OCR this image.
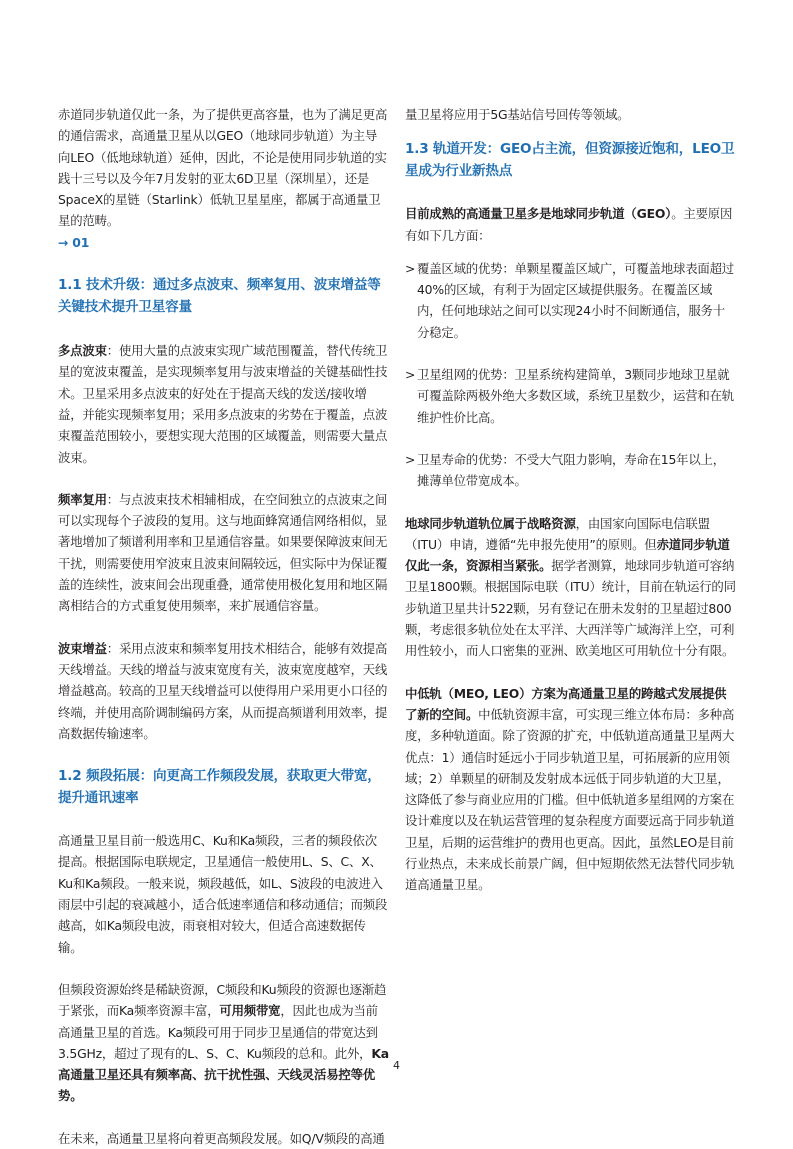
赤道同步轨道仅此一条，为了提供更高容量，也为了满足更高的通信需求，高通量卫星从以GEO（地球同步轨道）为主导向LEO（低地球轨道）延伸，因此，不论是使用同步轨道的实践十三号以及今年7月发射的亚太6D卫星（深圳星），还是SpaceX的星链（Starlink）低轨卫星星座，都属于高通量卫星的范畴。
→ 01

1.1 技术升级：通过多点波束、频率复用、波束增益等关键技术提升卫星容量

多点波束：使用大量的点波束实现广域范围覆盖，替代传统卫星的宽波束覆盖，是实现频率复用与波束增益的关键基础性技术。卫星采用多点波束的好处在于提高天线的发送/接收增益，并能实现频率复用；采用多点波束的劣势在于覆盖，点波束覆盖范围较小，要想实现大范围的区域覆盖，则需要大量点波束。

频率复用：与点波束技术相辅相成，在空间独立的点波束之间可以实现每个子波段的复用。这与地面蜂窝通信网络相似，显著地增加了频谱利用率和卫星通信容量。如果要保障波束间无干扰，则需要使用窄波束且波束间隔较远，但实际中为保证覆盖的连续性，波束间会出现重叠，通常使用极化复用和地区隔离相结合的方式重复使用频率，来扩展通信容量。

波束增益：采用点波束和频率复用技术相结合，能够有效提高天线增益。天线的增益与波束宽度有关，波束宽度越窄，天线增益越高。较高的卫星天线增益可以使得用户采用更小口径的终端，并使用高阶调制编码方案，从而提高频谱利用效率，提高数据传输速率。

1.2 频段拓展：向更高工作频段发展，获取更大带宽，提升通讯速率

高通量卫星目前一般选用C、Ku和Ka频段，三者的频段依次提高。根据国际电联规定，卫星通信一般使用L、S、C、X、Ku和Ka频段。一般来说，频段越低，如L、S波段的电波进入雨层中引起的衰减越小，适合低速率通信和移动通信；而频段越高，如Ka频段电波，雨衰相对较大，但适合高速数据传输。

但频段资源始终是稀缺资源，C频段和Ku频段的资源也逐渐趋于紧张，而Ka频率资源丰富，可用频带宽，因此也成为当前高通量卫星的首选。Ka频段可用于同步卫星通信的带宽达到3.5GHz，超过了现有的L、S、C、Ku频段的总和。此外，Ka高通量卫星还具有频率高、抗干扰性强、天线灵活易控等优势。

在未来，高通量卫星将向着更高频段发展。如Q/V频段的高通

量卫星将应用于5G基站信号回传等领域。

1.3 轨道开发：GEO占主流，但资源接近饱和，LEO卫星成为行业新热点

目前成熟的高通量卫星多是地球同步轨道（GEO）。主要原因有如下几方面：

> 覆盖区域的优势：单颗星覆盖区域广，可覆盖地球表面超过40%的区域，有利于为固定区域提供服务。在覆盖区域内，任何地球站之间可以实现24小时不间断通信，服务十分稳定。
> 卫星组网的优势：卫星系统构建简单，3颗同步地球卫星就可覆盖除两极外绝大多数区域，系统卫星数少，运营和在轨维护性价比高。
> 卫星寿命的优势：不受大气阻力影响，寿命在15年以上，摊薄单位带宽成本。

地球同步轨道轨位属于战略资源，由国家向国际电信联盟（ITU）申请，遵循“先申报先使用”的原则。但赤道同步轨道仅此一条，资源相当紧张。据学者测算，地球同步轨道可容纳卫星1800颗。根据国际电联（ITU）统计，目前在轨运行的同步轨道卫星共计522颗，另有登记在册未发射的卫星超过800颗，考虑很多轨位处在太平洋、大西洋等广域海洋上空，可利用性较小，而人口密集的亚洲、欧美地区可用轨位十分有限。

中低轨（MEO, LEO）方案为高通量卫星的跨越式发展提供了新的空间。中低轨资源丰富，可实现三维立体布局：多种高度，多种轨道面。除了资源的扩充，中低轨道高通量卫星两大优点：1）通信时延远小于同步轨道卫星，可拓展新的应用领域；2）单颗星的研制及发射成本远低于同步轨道的大卫星，这降低了参与商业应用的门槛。但中低轨道多星组网的方案在设计难度以及在轨运营管理的复杂程度方面要远高于同步轨道卫星，后期的运营维护的费用也更高。因此，虽然LEO是目前行业热点，未来成长前景广阔，但中短期依然无法替代同步轨道高通量卫星。

4
